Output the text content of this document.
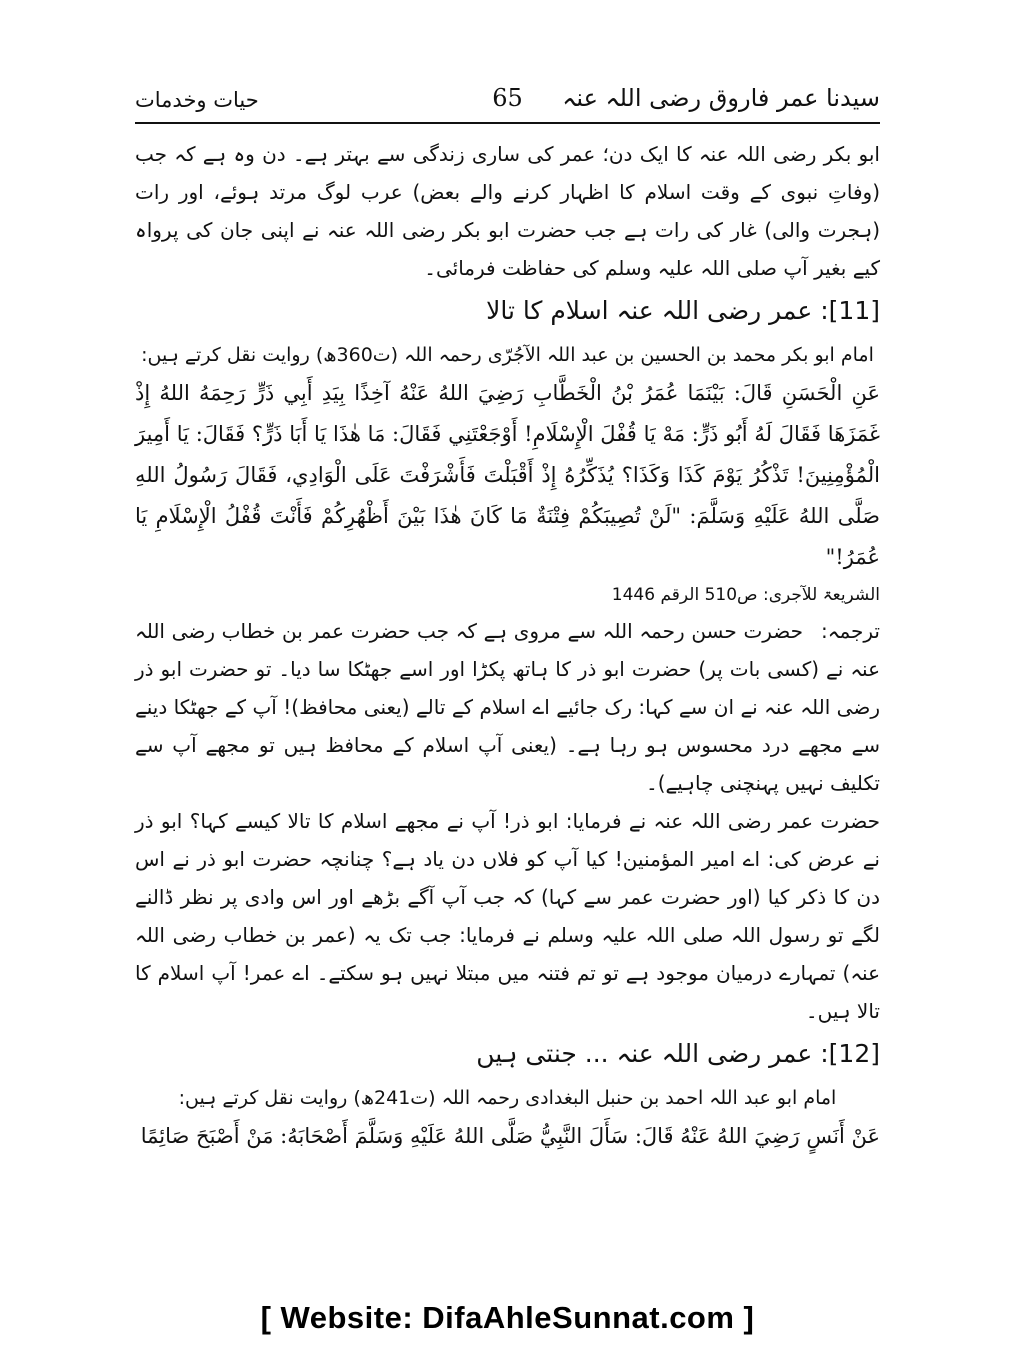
سیدنا عمر فاروق رضی اللہ عنہ
65
حیات وخدمات

ابو بکر رضی اللہ عنہ کا ایک دن؛ عمر کی ساری زندگی سے بہتر ہے۔ دن وہ ہے کہ جب (وفاتِ نبوی کے وقت اسلام کا اظہار کرنے والے بعض) عرب لوگ مرتد ہوئے، اور رات (ہجرت والی) غار کی رات ہے جب حضرت ابو بکر رضی اللہ عنہ نے اپنی جان کی پرواہ کیے بغیر آپ صلی اللہ علیہ وسلم کی حفاظت فرمائی۔

[11]: عمر رضی اللہ عنہ اسلام کا تالا

امام ابو بکر محمد بن الحسین بن عبد اللہ الآجُرّی رحمہ اللہ (ت360ھ) روایت نقل کرتے ہیں:

عَنِ الْحَسَنِ قَالَ: بَيْنَمَا عُمَرُ بْنُ الْخَطَّابِ رَضِيَ اللهُ عَنْهُ آخِذًا بِيَدِ أَبِي ذَرٍّ رَحِمَهُ اللهُ إِذْ غَمَزَهَا فَقَالَ لَهُ أَبُو ذَرٍّ: مَهْ يَا قُفْلَ الْإِسْلَامِ! أَوْجَعْتَنِي فَقَالَ: مَا هٰذَا يَا أَبَا ذَرٍّ؟ فَقَالَ: يَا أَمِيرَ الْمُؤْمِنِينَ! تَذْكُرُ يَوْمَ كَذَا وَكَذَا؟ يُذَكِّرُهُ إِذْ أَقْبَلْتَ فَأَشْرَفْتَ عَلَى الْوَادِي، فَقَالَ رَسُولُ اللهِ صَلَّى اللهُ عَلَيْهِ وَسَلَّمَ: "لَنْ تُصِيبَكُمْ فِتْنَةٌ مَا كَانَ هٰذَا بَيْنَ أَظْهُرِكُمْ فَأَنْتَ قُفْلُ الْإِسْلَامِ يَا عُمَرُ!"

الشریعۃ للآجری: ص510 الرقم 1446

ترجمہ:حضرت حسن رحمہ اللہ سے مروی ہے کہ جب حضرت عمر بن خطاب رضی اللہ عنہ نے (کسی بات پر) حضرت ابو ذر کا ہاتھ پکڑا اور اسے جھٹکا سا دیا۔ تو حضرت ابو ذر رضی اللہ عنہ نے ان سے کہا: رک جائیے اے اسلام کے تالے (یعنی محافظ)! آپ کے جھٹکا دینے سے مجھے درد محسوس ہو رہا ہے۔ (یعنی آپ اسلام کے محافظ ہیں تو مجھے آپ سے تکلیف نہیں پہنچنی چاہیے)۔

حضرت عمر رضی اللہ عنہ نے فرمایا: ابو ذر! آپ نے مجھے اسلام کا تالا کیسے کہا؟ ابو ذر نے عرض کی: اے امیر المؤمنین! کیا آپ کو فلاں دن یاد ہے؟ چنانچہ حضرت ابو ذر نے اس دن کا ذکر کیا (اور حضرت عمر سے کہا) کہ جب آپ آگے بڑھے اور اس وادی پر نظر ڈالنے لگے تو رسول اللہ صلی اللہ علیہ وسلم نے فرمایا: جب تک یہ (عمر بن خطاب رضی اللہ عنہ) تمہارے درمیان موجود ہے تو تم فتنہ میں مبتلا نہیں ہو سکتے۔ اے عمر! آپ اسلام کا تالا ہیں۔

[12]: عمر رضی اللہ عنہ ... جنتی ہیں

امام ابو عبد اللہ احمد بن حنبل البغدادی رحمہ اللہ (ت241ھ) روایت نقل کرتے ہیں:

عَنْ أَنَسٍ رَضِيَ اللهُ عَنْهُ قَالَ: سَأَلَ النَّبِيُّ صَلَّى اللهُ عَلَيْهِ وَسَلَّمَ أَصْحَابَهُ: مَنْ أَصْبَحَ صَائِمًا

[ Website: DifaAhleSunnat.com ]
